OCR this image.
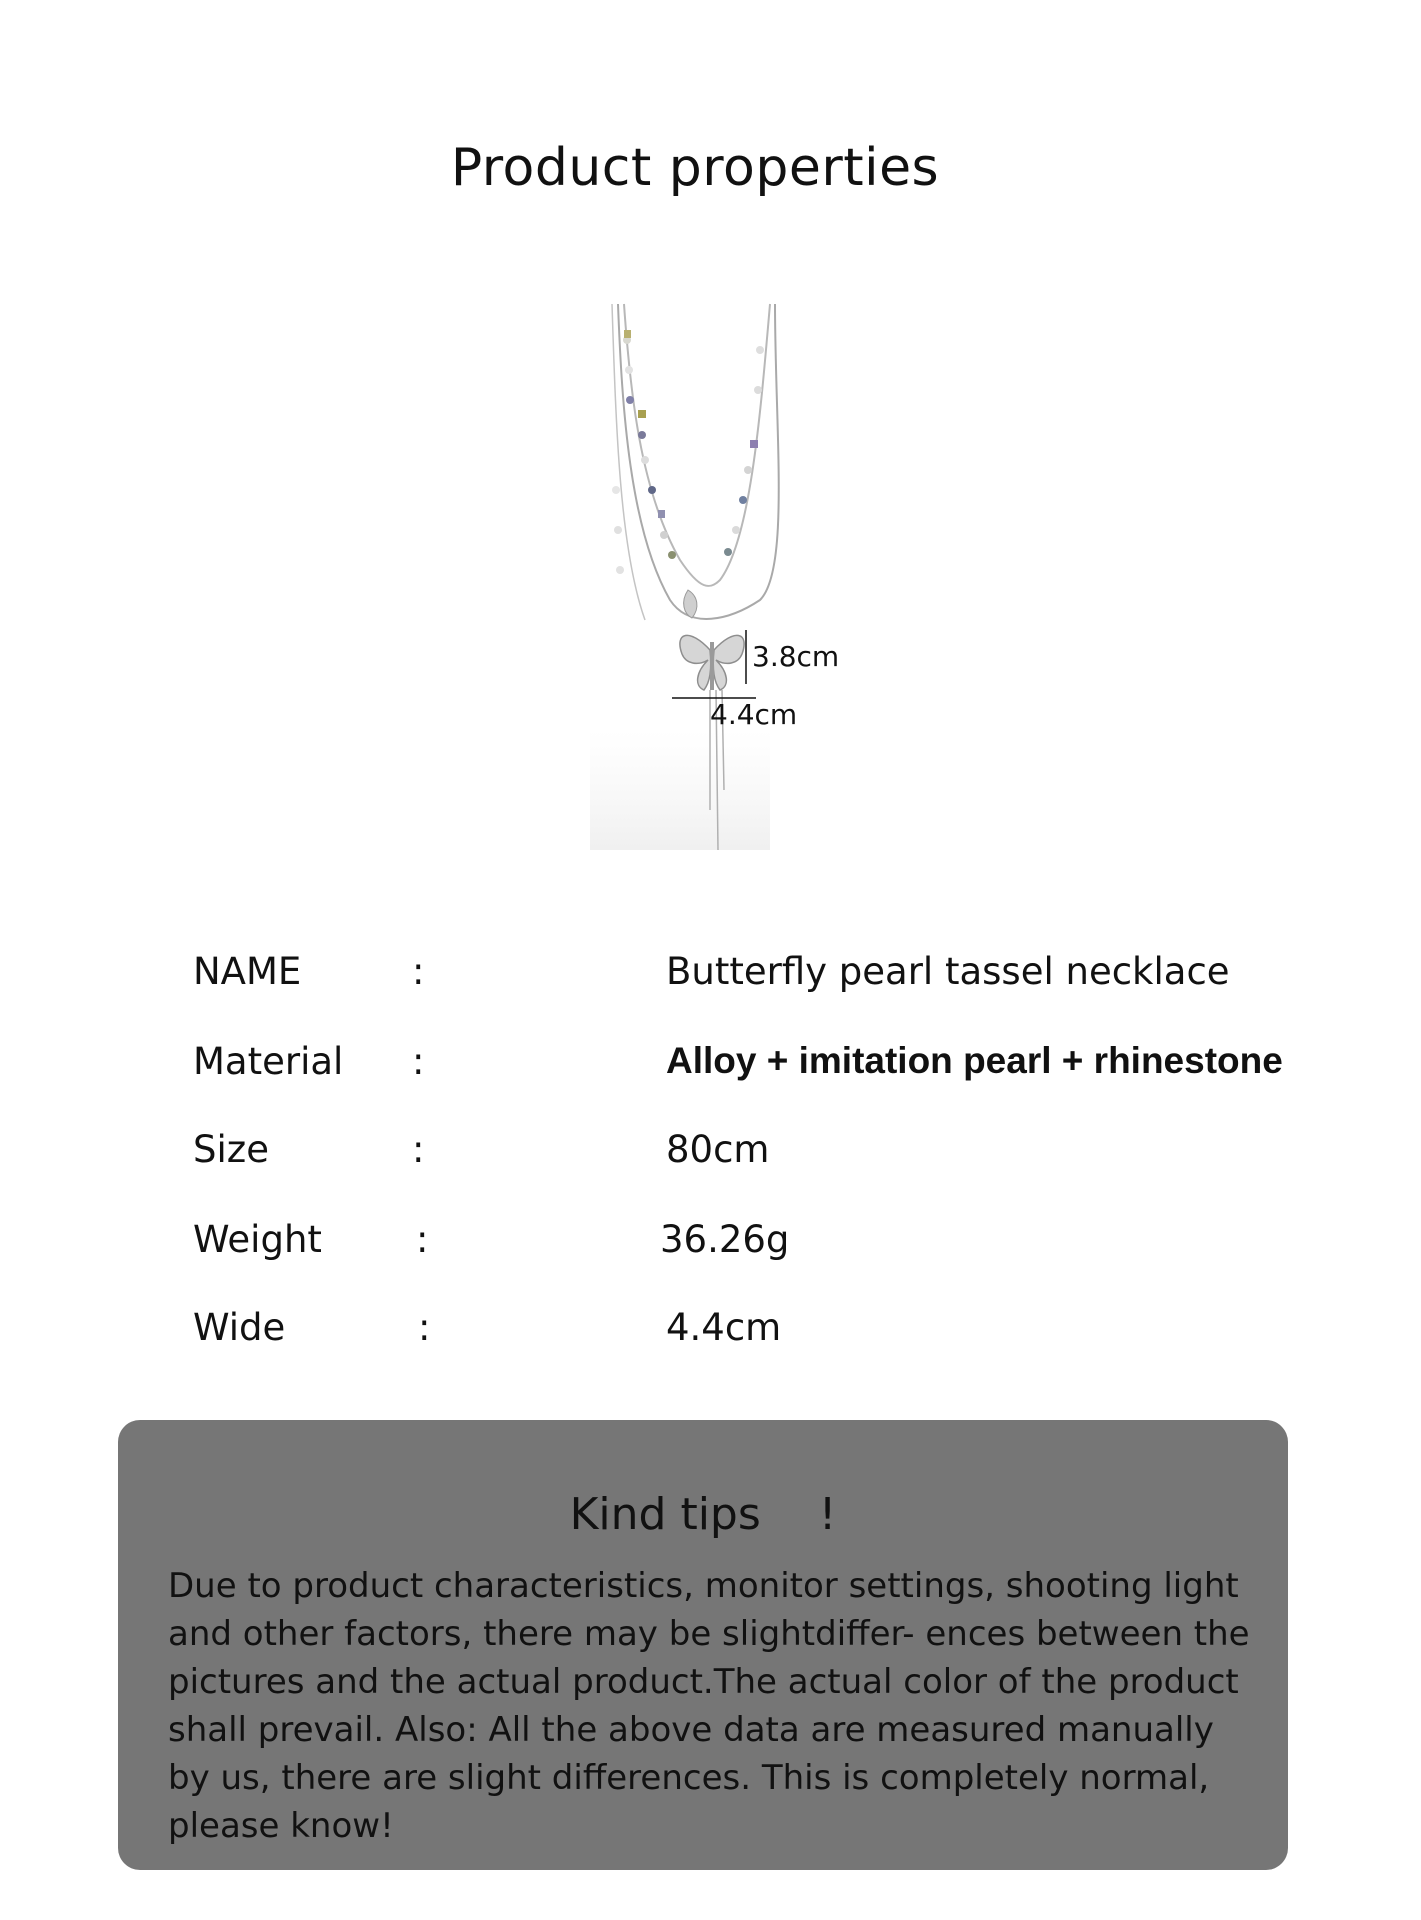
Product properties
3.8cm
4.4cm
NAME	:	Butterfly pearl tassel necklace
Material :	Alloy + imitation pearl + rhinestone
Size	:	80cm
Weight	:	36.26g
Wide	:	4.4cm
Kind tips 　!
Due to product characteristics, monitor settings, shooting light and other factors, there may be slightdiffer- ences between the pictures and the actual product.The actual color of the product shall prevail. Also: All the above data are measured manually by us, there are slight differences. This is completely normal, please know!
